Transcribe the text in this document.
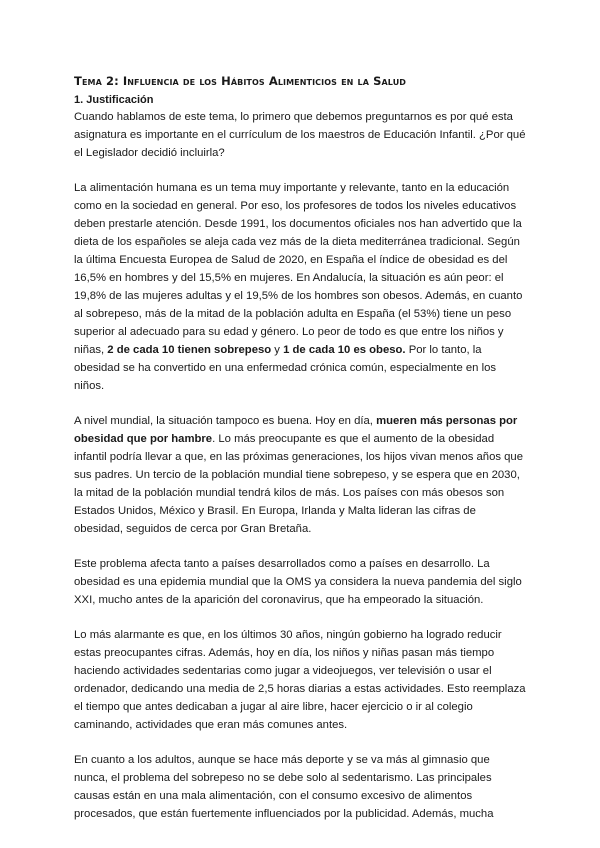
Tema 2: Influencia de los Hábitos Alimenticios en la Salud
1. Justificación

Cuando hablamos de este tema, lo primero que debemos preguntarnos es por qué esta asignatura es importante en el currículum de los maestros de Educación Infantil. ¿Por qué el Legislador decidió incluirla?

La alimentación humana es un tema muy importante y relevante, tanto en la educación como en la sociedad en general. Por eso, los profesores de todos los niveles educativos deben prestarle atención. Desde 1991, los documentos oficiales nos han advertido que la dieta de los españoles se aleja cada vez más de la dieta mediterránea tradicional. Según la última Encuesta Europea de Salud de 2020, en España el índice de obesidad es del 16,5% en hombres y del 15,5% en mujeres. En Andalucía, la situación es aún peor: el 19,8% de las mujeres adultas y el 19,5% de los hombres son obesos. Además, en cuanto al sobrepeso, más de la mitad de la población adulta en España (el 53%) tiene un peso superior al adecuado para su edad y género. Lo peor de todo es que entre los niños y niñas, 2 de cada 10 tienen sobrepeso y 1 de cada 10 es obeso. Por lo tanto, la obesidad se ha convertido en una enfermedad crónica común, especialmente en los niños.

A nivel mundial, la situación tampoco es buena. Hoy en día, mueren más personas por obesidad que por hambre. Lo más preocupante es que el aumento de la obesidad infantil podría llevar a que, en las próximas generaciones, los hijos vivan menos años que sus padres. Un tercio de la población mundial tiene sobrepeso, y se espera que en 2030, la mitad de la población mundial tendrá kilos de más. Los países con más obesos son Estados Unidos, México y Brasil. En Europa, Irlanda y Malta lideran las cifras de obesidad, seguidos de cerca por Gran Bretaña.

Este problema afecta tanto a países desarrollados como a países en desarrollo. La obesidad es una epidemia mundial que la OMS ya considera la nueva pandemia del siglo XXI, mucho antes de la aparición del coronavirus, que ha empeorado la situación.

Lo más alarmante es que, en los últimos 30 años, ningún gobierno ha logrado reducir estas preocupantes cifras. Además, hoy en día, los niños y niñas pasan más tiempo haciendo actividades sedentarias como jugar a videojuegos, ver televisión o usar el ordenador, dedicando una media de 2,5 horas diarias a estas actividades. Esto reemplaza el tiempo que antes dedicaban a jugar al aire libre, hacer ejercicio o ir al colegio caminando, actividades que eran más comunes antes.

En cuanto a los adultos, aunque se hace más deporte y se va más al gimnasio que nunca, el problema del sobrepeso no se debe solo al sedentarismo. Las principales causas están en una mala alimentación, con el consumo excesivo de alimentos procesados, que están fuertemente influenciados por la publicidad. Además, mucha
